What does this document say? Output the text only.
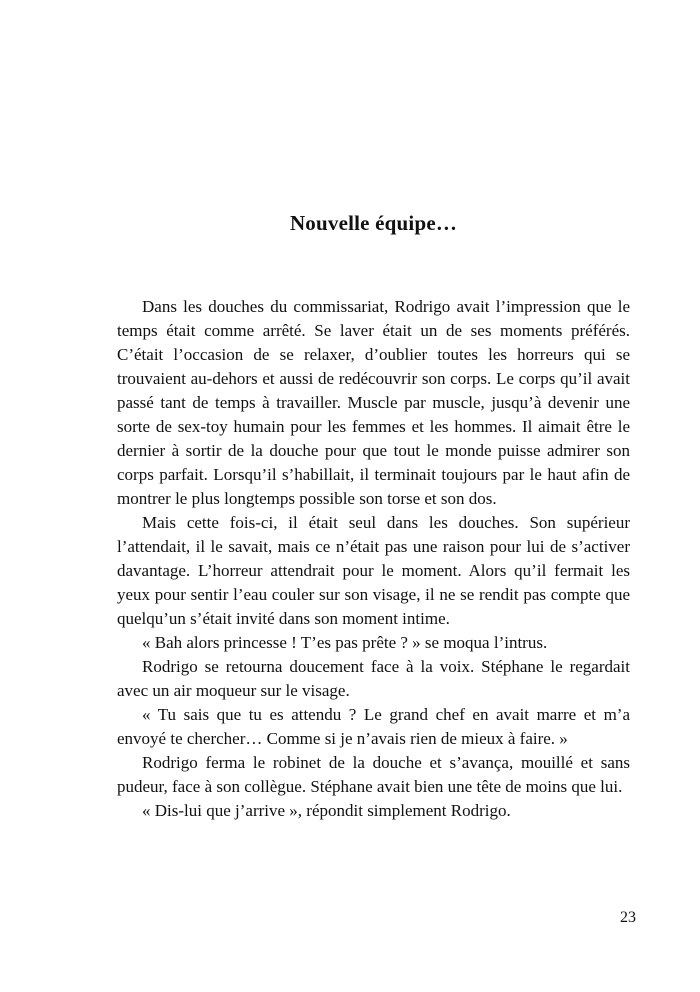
Nouvelle équipe…

Dans les douches du commissariat, Rodrigo avait l’impression que le temps était comme arrêté. Se laver était un de ses moments préférés. C’était l’occasion de se relaxer, d’oublier toutes les horreurs qui se trouvaient au-dehors et aussi de redécouvrir son corps. Le corps qu’il avait passé tant de temps à travailler. Muscle par muscle, jusqu’à devenir une sorte de sex-toy humain pour les femmes et les hommes. Il aimait être le dernier à sortir de la douche pour que tout le monde puisse admirer son corps parfait. Lorsqu’il s’habillait, il terminait toujours par le haut afin de montrer le plus longtemps possible son torse et son dos.

Mais cette fois-ci, il était seul dans les douches. Son supérieur l’attendait, il le savait, mais ce n’était pas une raison pour lui de s’activer davantage. L’horreur attendrait pour le moment. Alors qu’il fermait les yeux pour sentir l’eau couler sur son visage, il ne se rendit pas compte que quelqu’un s’était invité dans son moment intime.

« Bah alors princesse ! T’es pas prête ? » se moqua l’intrus.

Rodrigo se retourna doucement face à la voix. Stéphane le regardait avec un air moqueur sur le visage.

« Tu sais que tu es attendu ? Le grand chef en avait marre et m’a envoyé te chercher… Comme si je n’avais rien de mieux à faire. »

Rodrigo ferma le robinet de la douche et s’avança, mouillé et sans pudeur, face à son collègue. Stéphane avait bien une tête de moins que lui.

« Dis-lui que j’arrive », répondit simplement Rodrigo.

23
